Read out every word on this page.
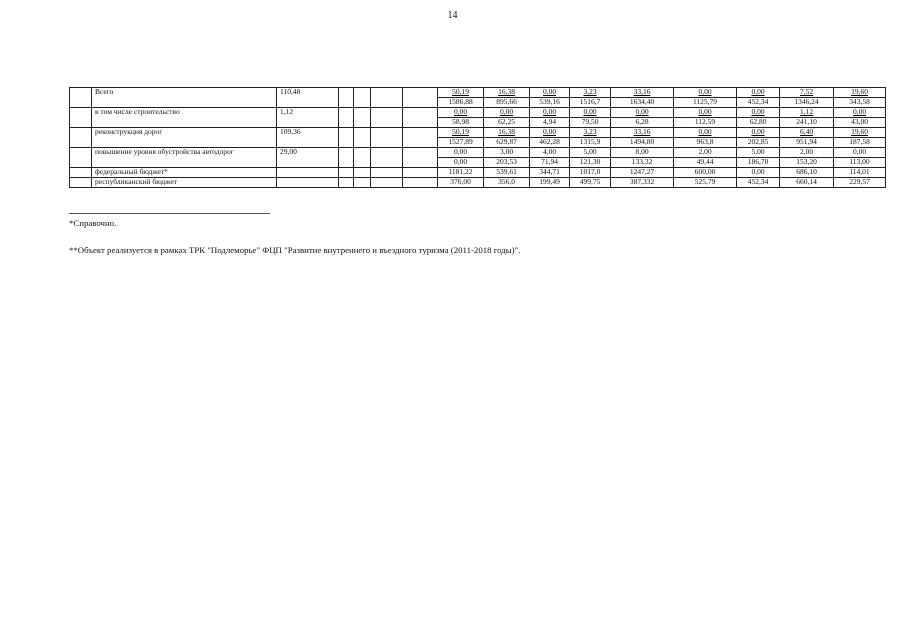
14
	Всего	110,48					50,19	16,38	0,00	3,23	33,16	0,00	0,00	7,52	19,60
							1586,88	895,66	539,16	1516,7	1634,40	1125,79	452,34	1346,24	343,58
	в том числе строительство	1,12					0,00	0,00	0,00	0,00	0,00	0,00	0,00	1,12	0,00
							58,98	62,25	4,94	79,50	6,28	112,59	62,80	241,10	43,00
	реконструкция дорог	109,36					50,19	16,38	0,00	3,23	33,16	0,00	0,00	6,40	19,60
							1527,89	629,87	462,28	1315,9	1494,80	963,8	202,85	951,94	187,58
	повышение уровня обустройства автодорог	29,00					0,00	3,00	4,00	5,00	8,00	2,00	5,00	2,00	0,00
							0,00	203,53	71,94	121,30	133,32	49,44	186,70	153,20	113,00
	федеральный бюджет*						1181,22	539,61	344,71	1017,0	1247,27	600,00	0,00	686,10	114,01
	республиканский бюджет						376,00	356,0	199,49	499,75	387,332	525,79	452,34	660,14	229,57
*Справочно.
**Объект реализуется в рамках ТРК "Подлеморье" ФЦП "Развитие внутреннего и въездного туризма (2011-2018 годы)".
